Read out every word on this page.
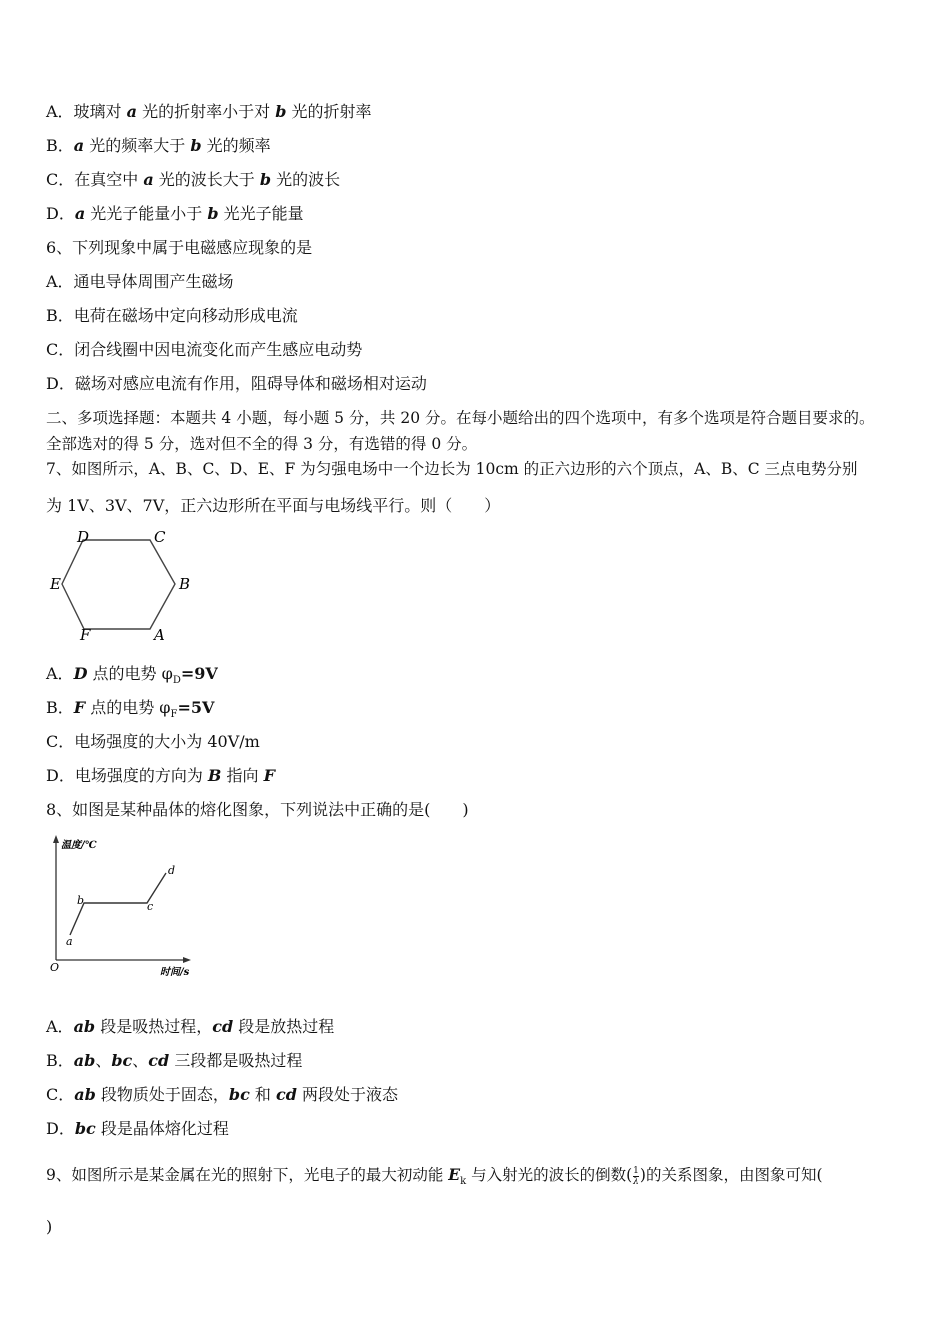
A．玻璃对 a 光的折射率小于对 b 光的折射率
B．a 光的频率大于 b 光的频率
C．在真空中 a 光的波长大于 b 光的波长
D．a 光光子能量小于 b 光光子能量
6、下列现象中属于电磁感应现象的是
A．通电导体周围产生磁场
B．电荷在磁场中定向移动形成电流
C．闭合线圈中因电流变化而产生感应电动势
D．磁场对感应电流有作用，阻碍导体和磁场相对运动
二、多项选择题：本题共 4 小题，每小题 5 分，共 20 分。在每小题给出的四个选项中，有多个选项是符合题目要求的。
全部选对的得 5 分，选对但不全的得 3 分，有选错的得 0 分。
7、如图所示，A、B、C、D、E、F 为匀强电场中一个边长为 10cm 的正六边形的六个顶点，A、B、C 三点电势分别
为 1V、3V、7V，正六边形所在平面与电场线平行。则（　　）
D	C
E	B
F	A
A．D 点的电势 $\varphi_D=9V$
B．F 点的电势 $\varphi_F=5V$
C．电场强度的大小为 40V/m
D．电场强度的方向为 B 指向 F
8、如图是某种晶体的熔化图象，下列说法中正确的是(　　)
温度/℃
时间/s
O
a
b	c
d
A．ab 段是吸热过程，cd 段是放热过程
B．ab、bc、cd 三段都是吸热过程
C．ab 段物质处于固态，bc 和 cd 两段处于液态
D．bc 段是晶体熔化过程
9、如图所示是某金属在光的照射下，光电子的最大初动能 $E_k$ 与入射光的波长的倒数( $\frac{1}{\lambda}$ )的关系图象，由图象可知(
)
